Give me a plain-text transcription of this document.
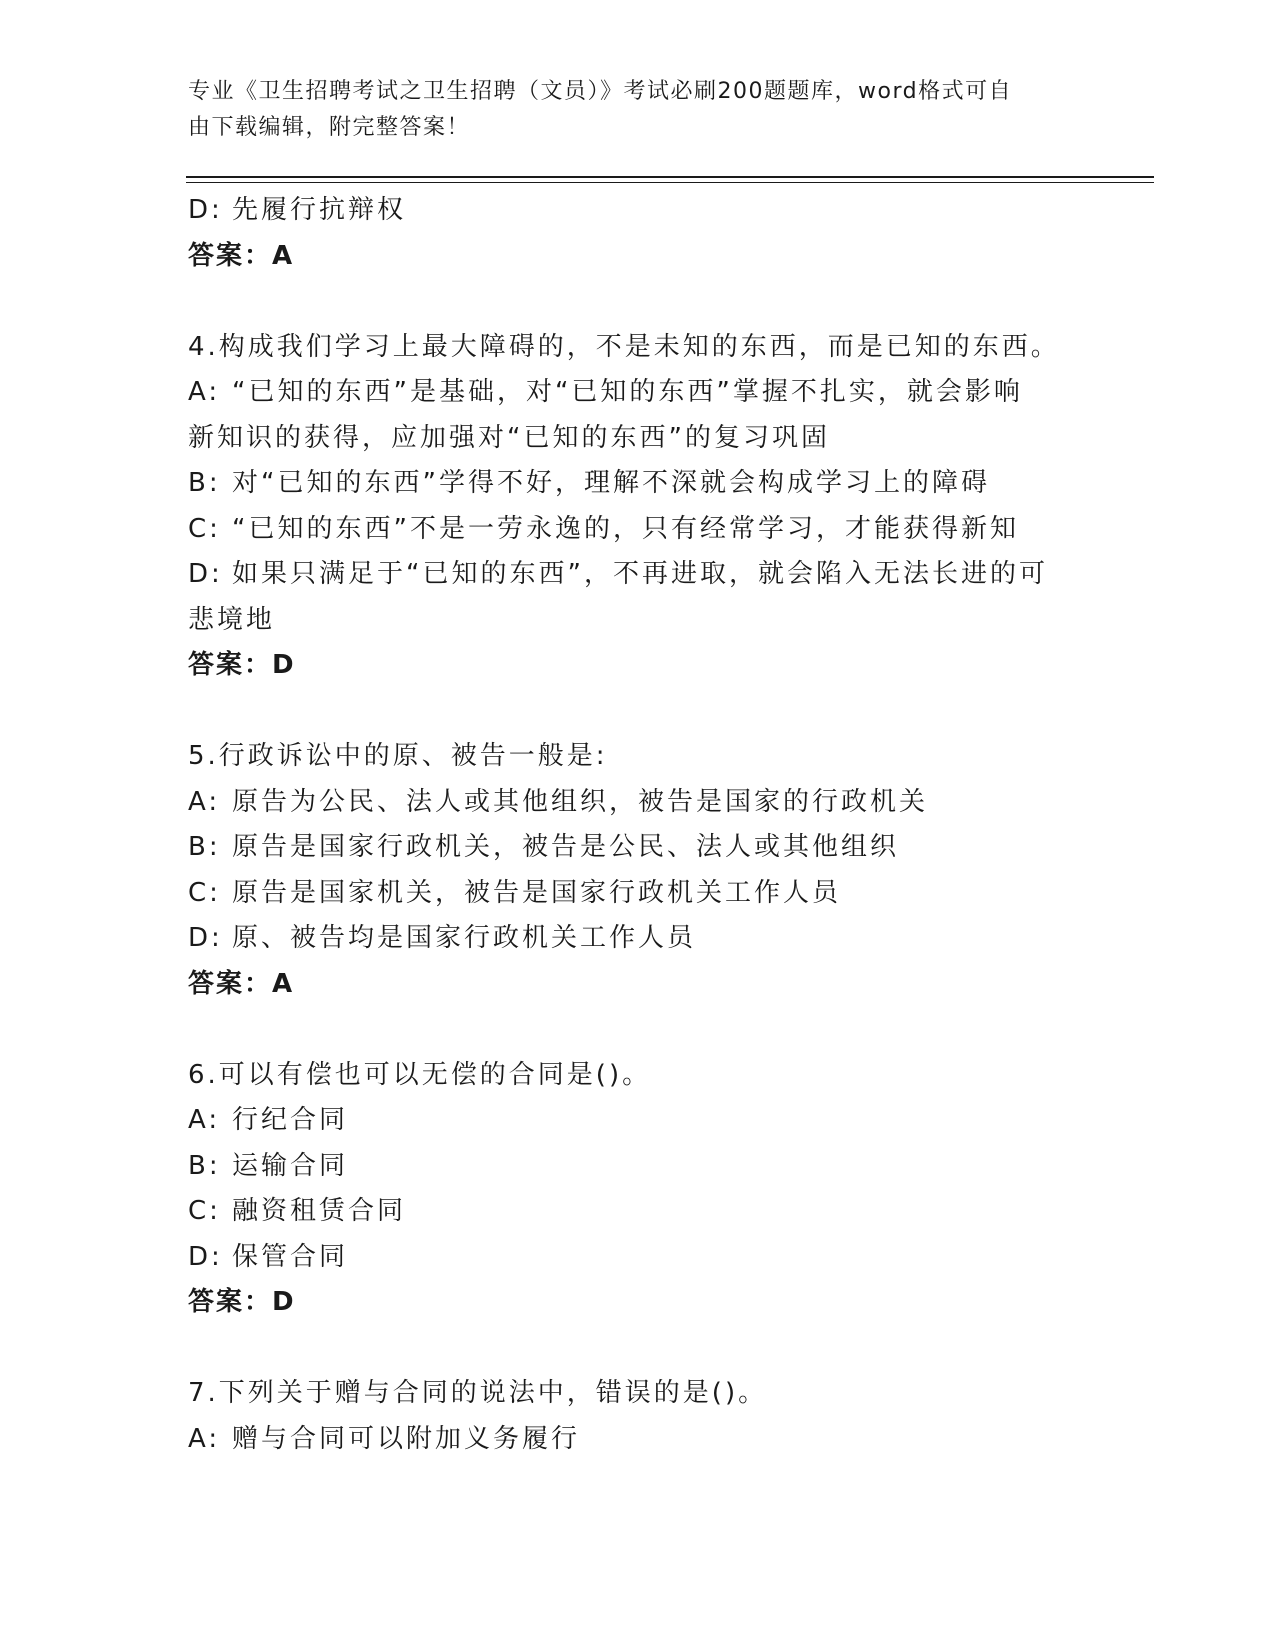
专业《卫生招聘考试之卫生招聘（文员）》考试必刷200题题库，word格式可自
由下载编辑，附完整答案！
D: 先履行抗辩权
答案：A
4.构成我们学习上最大障碍的，不是未知的东西，而是已知的东西。
A: “已知的东西”是基础，对“已知的东西”掌握不扎实，就会影响
新知识的获得，应加强对“已知的东西”的复习巩固
B: 对“已知的东西”学得不好，理解不深就会构成学习上的障碍
C: “已知的东西”不是一劳永逸的，只有经常学习，才能获得新知
D: 如果只满足于“已知的东西”，不再进取，就会陷入无法长进的可
悲境地
答案：D
5.行政诉讼中的原、被告一般是:
A: 原告为公民、法人或其他组织，被告是国家的行政机关
B: 原告是国家行政机关，被告是公民、法人或其他组织
C: 原告是国家机关，被告是国家行政机关工作人员
D: 原、被告均是国家行政机关工作人员
答案：A
6.可以有偿也可以无偿的合同是()。
A: 行纪合同
B: 运输合同
C: 融资租赁合同
D: 保管合同
答案：D
7.下列关于赠与合同的说法中，错误的是()。
A: 赠与合同可以附加义务履行
